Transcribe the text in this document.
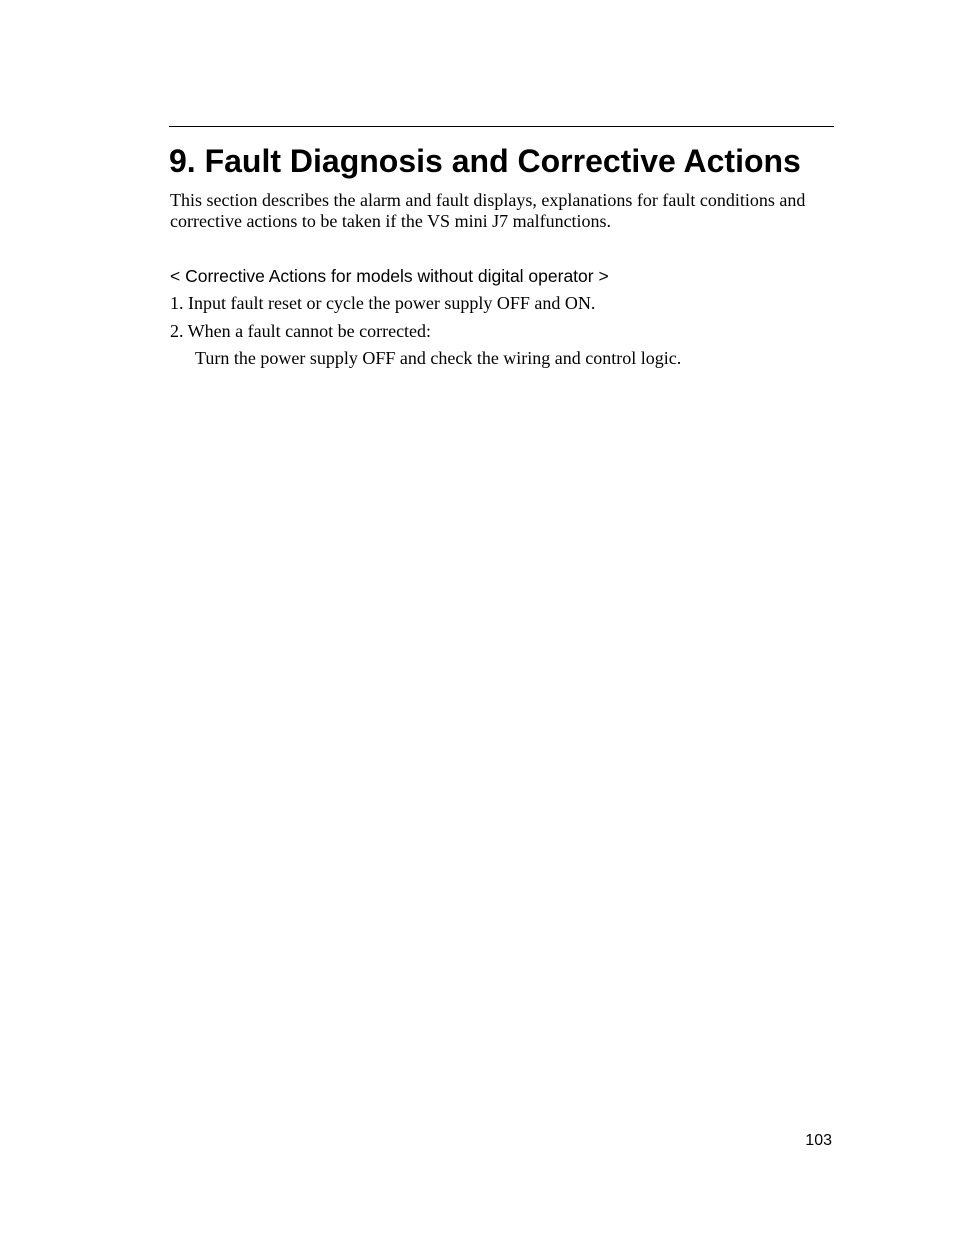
9. Fault Diagnosis and Corrective Actions

This section describes the alarm and fault displays, explanations for fault conditions and corrective actions to be taken if the VS mini J7 malfunctions.

< Corrective Actions for models without digital operator >

1. Input fault reset or cycle the power supply OFF and ON.

2. When a fault cannot be corrected:

Turn the power supply OFF and check the wiring and control logic.

103
